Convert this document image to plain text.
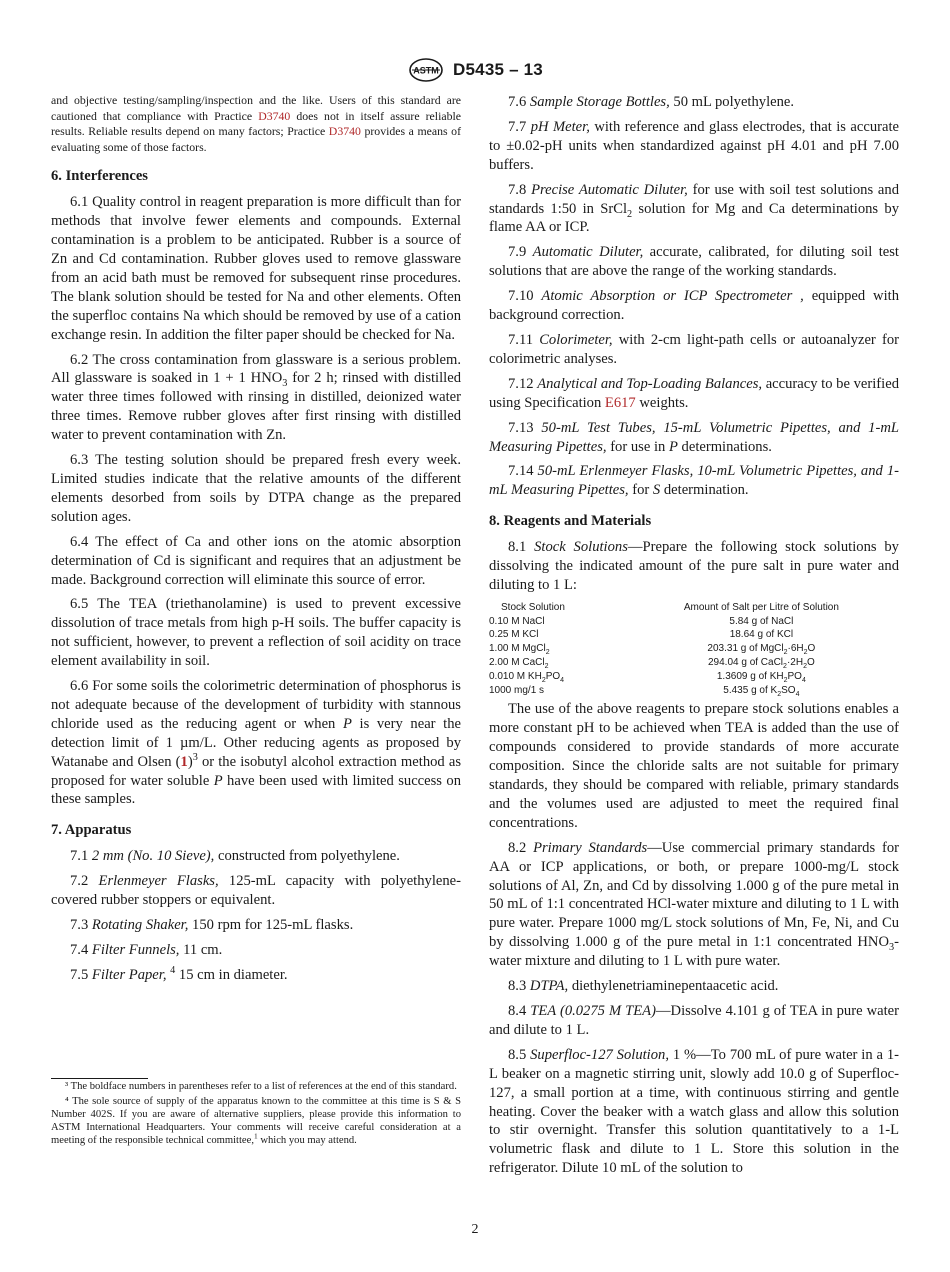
ASTM D5435 – 13

and objective testing/sampling/inspection and the like. Users of this standard are cautioned that compliance with Practice D3740 does not in itself assure reliable results. Reliable results depend on many factors; Practice D3740 provides a means of evaluating some of those factors.

6. Interferences

6.1 Quality control in reagent preparation is more difficult than for methods that involve fewer elements and compounds. External contamination is a problem to be anticipated. Rubber is a source of Zn and Cd contamination. Rubber gloves used to remove glassware from an acid bath must be removed for subsequent rinse procedures. The blank solution should be tested for Na and other elements. Often the superfloc contains Na which should be removed by use of a cation exchange resin. In addition the filter paper should be checked for Na.

6.2 The cross contamination from glassware is a serious problem. All glassware is soaked in 1 + 1 $HNO_3$ for 2 h; rinsed with distilled water three times followed with rinsing in distilled, deionized water three times. Remove rubber gloves after first rinsing with distilled water to prevent contamination with Zn.

6.3 The testing solution should be prepared fresh every week. Limited studies indicate that the relative amounts of the different elements desorbed from soils by DTPA change as the prepared solution ages.

6.4 The effect of Ca and other ions on the atomic absorption determination of Cd is significant and requires that an adjustment be made. Background correction will eliminate this source of error.

6.5 The TEA (triethanolamine) is used to prevent excessive dissolution of trace metals from high p-H soils. The buffer capacity is not sufficient, however, to prevent a reflection of soil acidity on trace element availability in soil.

6.6 For some soils the colorimetric determination of phosphorus is not adequate because of the development of turbidity with stannous chloride used as the reducing agent or when P is very near the detection limit of 1 µm/L. Other reducing agents as proposed by Watanabe and Olsen $(1)^3$ or the isobutyl alcohol extraction method as proposed for water soluble P have been used with limited success on these samples.

7. Apparatus

7.1 2 mm (No. 10 Sieve), constructed from polyethylene.

7.2 Erlenmeyer Flasks, 125-mL capacity with polyethylene-covered rubber stoppers or equivalent.

7.3 Rotating Shaker, 150 rpm for 125-mL flasks.

7.4 Filter Funnels, 11 cm.

7.5 Filter Paper, $^4$ 15 cm in diameter.

³ The boldface numbers in parentheses refer to a list of references at the end of this standard.

⁴ The sole source of supply of the apparatus known to the committee at this time is S & S Number 402S. If you are aware of alternative suppliers, please provide this information to ASTM International Headquarters. Your comments will receive careful consideration at a meeting of the responsible technical committee,$^1$ which you may attend.

7.6 Sample Storage Bottles, 50 mL polyethylene.

7.7 pH Meter, with reference and glass electrodes, that is accurate to ±0.02-pH units when standardized against pH 4.01 and pH 7.00 buffers.

7.8 Precise Automatic Diluter, for use with soil test solutions and standards 1:50 in SrCl$_2$ solution for Mg and Ca determinations by flame AA or ICP.

7.9 Automatic Diluter, accurate, calibrated, for diluting soil test solutions that are above the range of the working standards.

7.10 Atomic Absorption or ICP Spectrometer , equipped with background correction.

7.11 Colorimeter, with 2-cm light-path cells or autoanalyzer for colorimetric analyses.

7.12 Analytical and Top-Loading Balances, accuracy to be verified using Specification E617 weights.

7.13 50-mL Test Tubes, 15-mL Volumetric Pipettes, and 1-mL Measuring Pipettes, for use in P determinations.

7.14 50-mL Erlenmeyer Flasks, 10-mL Volumetric Pipettes, and 1-mL Measuring Pipettes, for S determination.

8. Reagents and Materials

8.1 Stock Solutions—Prepare the following stock solutions by dissolving the indicated amount of the pure salt in pure water and diluting to 1 L:

Stock Solution	Amount of Salt per Litre of Solution
0.10 M NaCl	5.84 g of NaCl
0.25 M KCl	18.64 g of KCl
1.00 M MgCl$_2$	203.31 g of $MgCl_2\cdot 6H_2O$
2.00 M CaCl$_2$	294.04 g of $CaCl_2\cdot 2H_2O$
0.010 M $KH_2PO_4$	1.3609 g of $KH_2PO_4$
1000 mg/1 s	5.435 g of $K_2SO_4$

The use of the above reagents to prepare stock solutions enables a more constant pH to be achieved when TEA is added than the use of compounds considered to provide standards of more accurate composition. Since the chloride salts are not suitable for primary standards, they should be compared with reliable, primary standards and the volumes used are adjusted to meet the required final concentrations.

8.2 Primary Standards—Use commercial primary standards for AA or ICP applications, or both, or prepare 1000-mg/L stock solutions of Al, Zn, and Cd by dissolving 1.000 g of the pure metal in 50 mL of 1:1 concentrated HCl-water mixture and diluting to 1 L with pure water. Prepare 1000 mg/L stock solutions of Mn, Fe, Ni, and Cu by dissolving 1.000 g of the pure metal in 1:1 concentrated $HNO_3$-water mixture and diluting to 1 L with pure water.

8.3 DTPA, diethylenetriaminepentaacetic acid.

8.4 TEA (0.0275 M TEA)—Dissolve 4.101 g of TEA in pure water and dilute to 1 L.

8.5 Superfloc-127 Solution, 1 %—To 700 mL of pure water in a 1-L beaker on a magnetic stirring unit, slowly add 10.0 g of Superfloc-127, a small portion at a time, with continuous stirring and gentle heating. Cover the beaker with a watch glass and allow this solution to stir overnight. Transfer this solution quantitatively to a 1-L volumetric flask and dilute to 1 L. Store this solution in the refrigerator. Dilute 10 mL of the solution to

2
